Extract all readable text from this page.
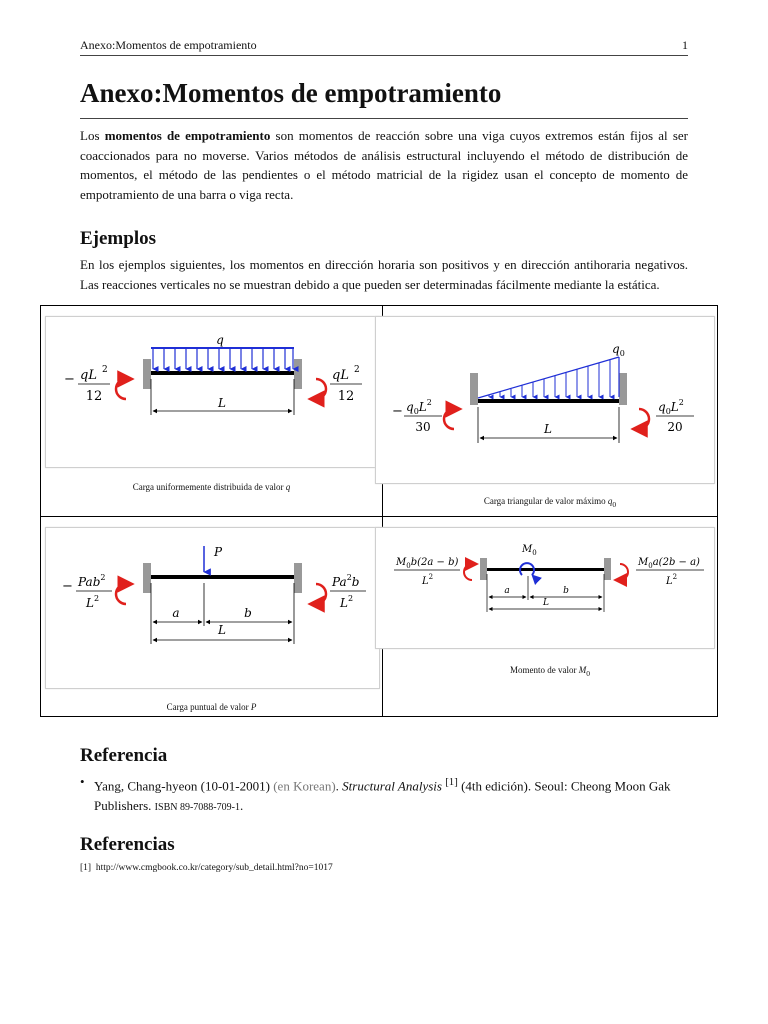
Anexo:Momentos de empotramiento	1
Anexo:Momentos de empotramiento

Los momentos de empotramiento son momentos de reacción sobre una viga cuyos extremos están fijos al ser coaccionados para no moverse. Varios métodos de análisis estructural incluyendo el método de distribución de momentos, el método de las pendientes o el método matricial de la rigidez usan el concepto de momento de empotramiento de una barra o viga recta.

Ejemplos

En los ejemplos siguientes, los momentos en dirección horaria son positivos y en dirección antihoraria negativos. Las reacciones verticales no se muestran debido a que pueden ser determinadas fácilmente mediante la estática.

q
L
− qL 2
12
qL 2
12
Carga uniformemente distribuida de valor q
$q_0$
L
− $q_0L^2$
30
$q_0L^2$
20
Carga triangular de valor máximo $q_0$
P
a	b
L
− Pab$^2$
$L^2$
Pa$^2$b
$L^2$
Carga puntual de valor P
$M_0$
a	b
L
$M_0b(2a - b)$
$L^2$
$M_0a(2b - a)$
$L^2$
Momento de valor $M_0$
Referencia
• Yang, Chang-hyeon (10-01-2001) (en Korean). Structural Analysis [1] (4th edición). Seoul: Cheong Moon Gak Publishers. ISBN 89-7088-709-1.
Referencias
[1] http://www.cmgbook.co.kr/category/sub_detail.html?no=1017
